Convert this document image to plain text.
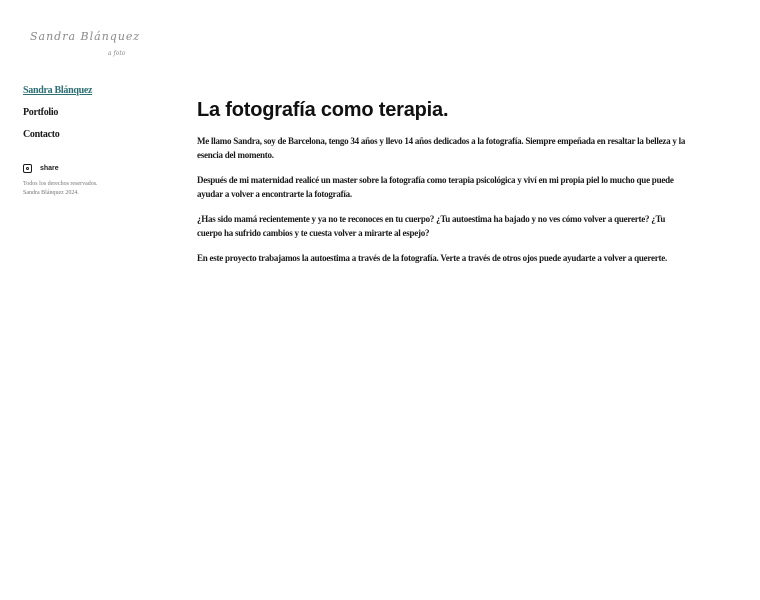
Sandra Blánquez
a foto
Sandra Blánquez
Portfolio
Contacto
share
Todos los derechos reservados.
Sandra Blánquez 2024.
La fotografía como terapia.

Me llamo Sandra, soy de Barcelona, tengo 34 años y llevo 14 años dedicados a la fotografía. Siempre empeñada en resaltar la belleza y la esencia del momento.

Después de mi maternidad realicé un master sobre la fotografía como terapia psicológica y viví en mi propia piel lo mucho que puede ayudar a volver a encontrarte la fotografía.

¿Has sido mamá recientemente y ya no te reconoces en tu cuerpo? ¿Tu autoestima ha bajado y no ves cómo volver a quererte? ¿Tu cuerpo ha sufrido cambios y te cuesta volver a mirarte al espejo?

En este proyecto trabajamos la autoestima a través de la fotografía. Verte a través de otros ojos puede ayudarte a volver a quererte.
